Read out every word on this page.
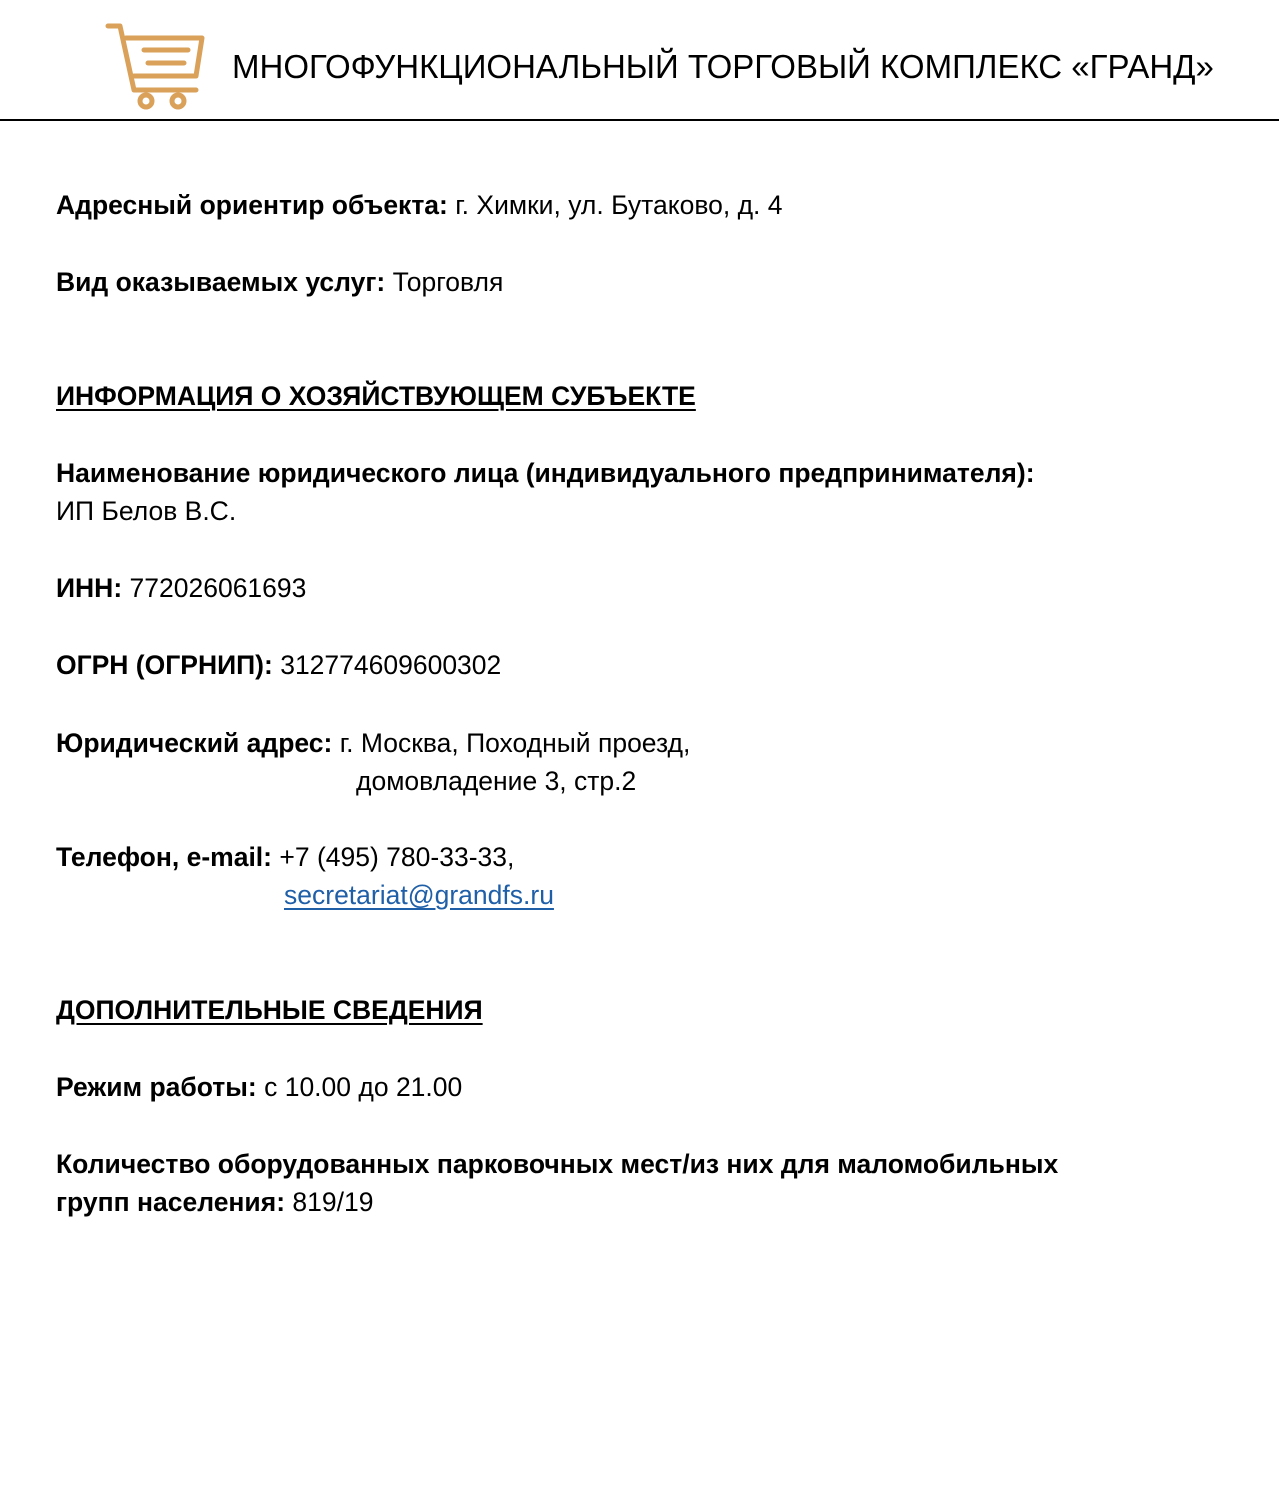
МНОГОФУНКЦИОНАЛЬНЫЙ ТОРГОВЫЙ КОМПЛЕКС «ГРАНД»
Адресный ориентир объекта: г. Химки, ул. Бутаково, д. 4
Вид оказываемых услуг: Торговля
ИНФОРМАЦИЯ О ХОЗЯЙСТВУЮЩЕМ СУБЪЕКТЕ
Наименование юридического лица (индивидуального предпринимателя):
ИП Белов В.С.
ИНН: 772026061693
ОГРН (ОГРНИП): 312774609600302
Юридический адрес: г. Москва, Походный проезд,
домовладение 3, стр.2
Телефон, e-mail: +7 (495) 780-33-33,
secretariat@grandfs.ru
ДОПОЛНИТЕЛЬНЫЕ СВЕДЕНИЯ
Режим работы: с 10.00 до 21.00
Количество оборудованных парковочных мест/из них для маломобильных
групп населения: 819/19
